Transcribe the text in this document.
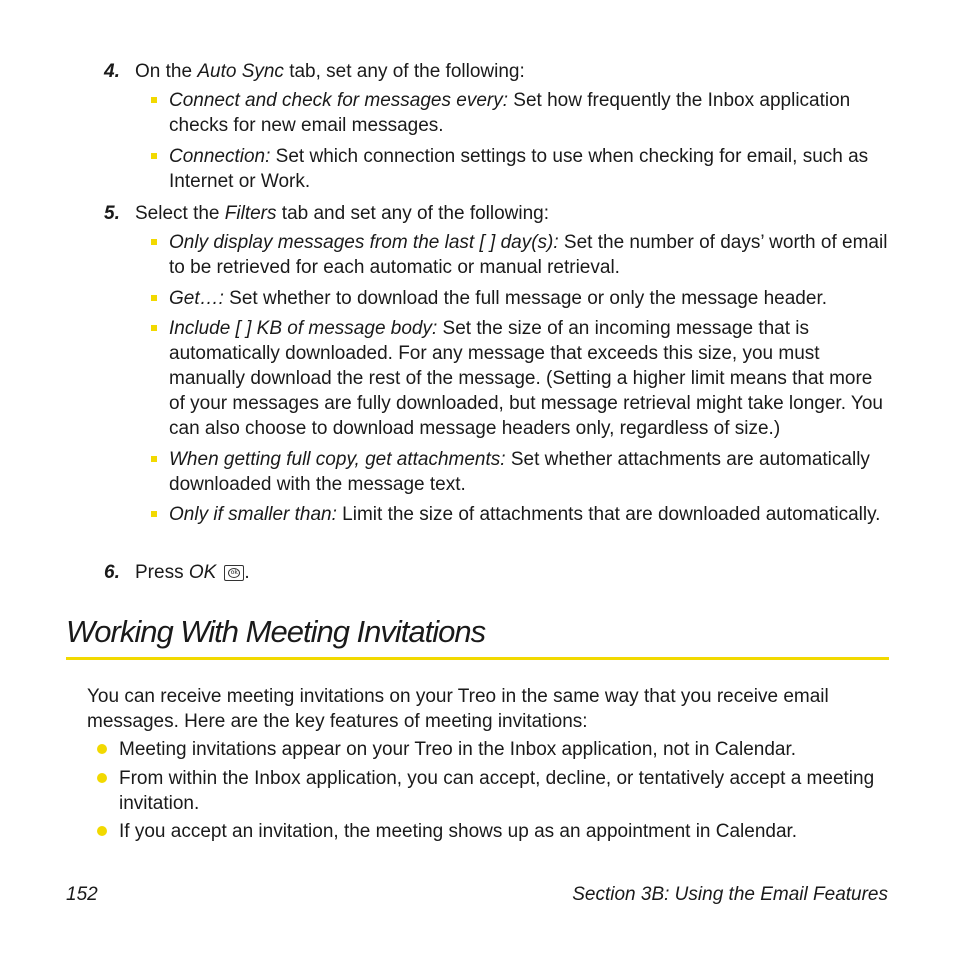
4. On the Auto Sync tab, set any of the following:
Connect and check for messages every: Set how frequently the Inbox application checks for new email messages.
Connection: Set which connection settings to use when checking for email, such as Internet or Work.
5. Select the Filters tab and set any of the following:
Only display messages from the last [ ] day(s): Set the number of days’ worth of email to be retrieved for each automatic or manual retrieval.
Get…: Set whether to download the full message or only the message header.
Include [ ] KB of message body: Set the size of an incoming message that is automatically downloaded. For any message that exceeds this size, you must manually download the rest of the message. (Setting a higher limit means that more of your messages are fully downloaded, but message retrieval might take longer. You can also choose to download message headers only, regardless of size.)
When getting full copy, get attachments: Set whether attachments are automatically downloaded with the message text.
Only if smaller than: Limit the size of attachments that are downloaded automatically.
6. Press OK	ok .
Working With Meeting Invitations
You can receive meeting invitations on your Treo in the same way that you receive email messages. Here are the key features of meeting invitations:
Meeting invitations appear on your Treo in the Inbox application, not in Calendar.
From within the Inbox application, you can accept, decline, or tentatively accept a meeting invitation.
If you accept an invitation, the meeting shows up as an appointment in Calendar.
152	Section 3B: Using the Email Features
